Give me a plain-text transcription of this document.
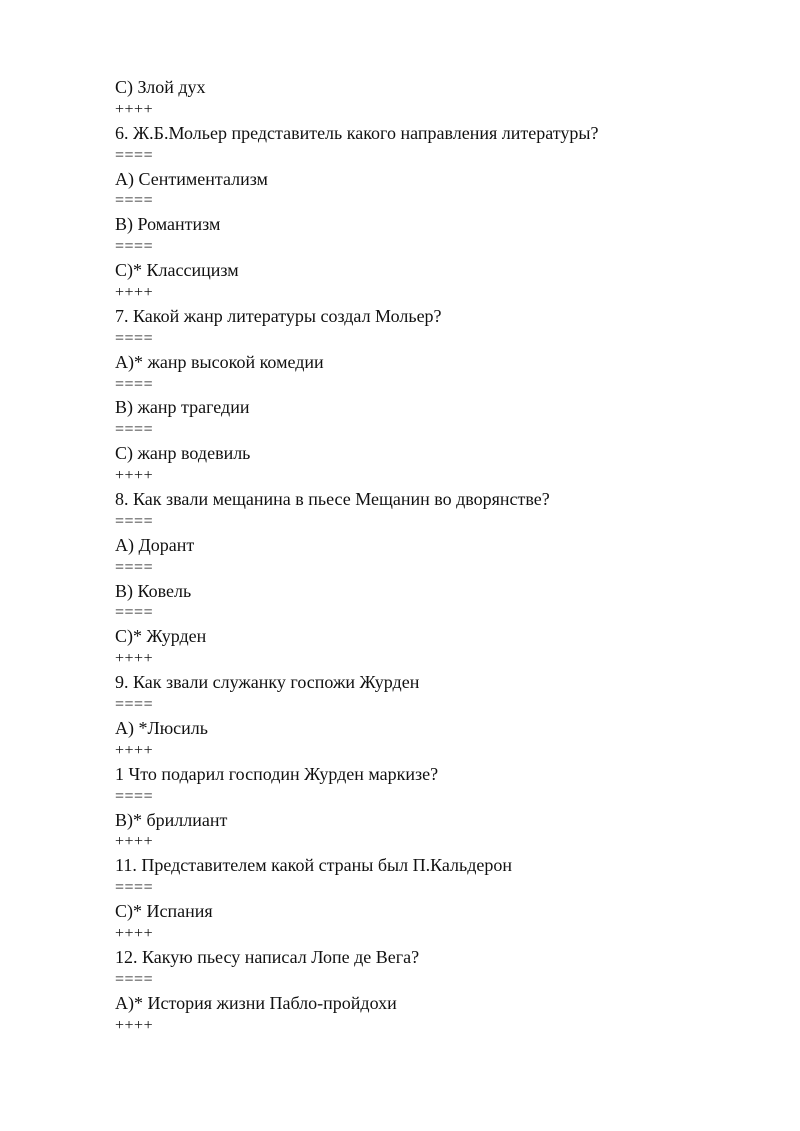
C) Злой дух
++++
6. Ж.Б.Мольер представитель какого направления литературы?
====
A) Сентиментализм
====
B) Романтизм
====
C)* Классицизм
++++
7. Какой жанр литературы создал Мольер?
====
A)* жанр высокой комедии
====
B) жанр трагедии
====
C) жанр водевиль
++++
8. Как звали мещанина в пьесе Мещанин во дворянстве?
====
A) Дорант
====
B) Ковель
====
C)* Журден
++++
9. Как звали служанку госпожи Журден
====
A) *Люсиль
++++
1 Что подарил господин Журден маркизе?
====
B)* бриллиант
++++
11. Представителем какой страны был П.Кальдерон
====
C)* Испания
++++
12. Какую пьесу написал Лопе де Вега?
====
A)* История жизни Пабло-пройдохи
++++
